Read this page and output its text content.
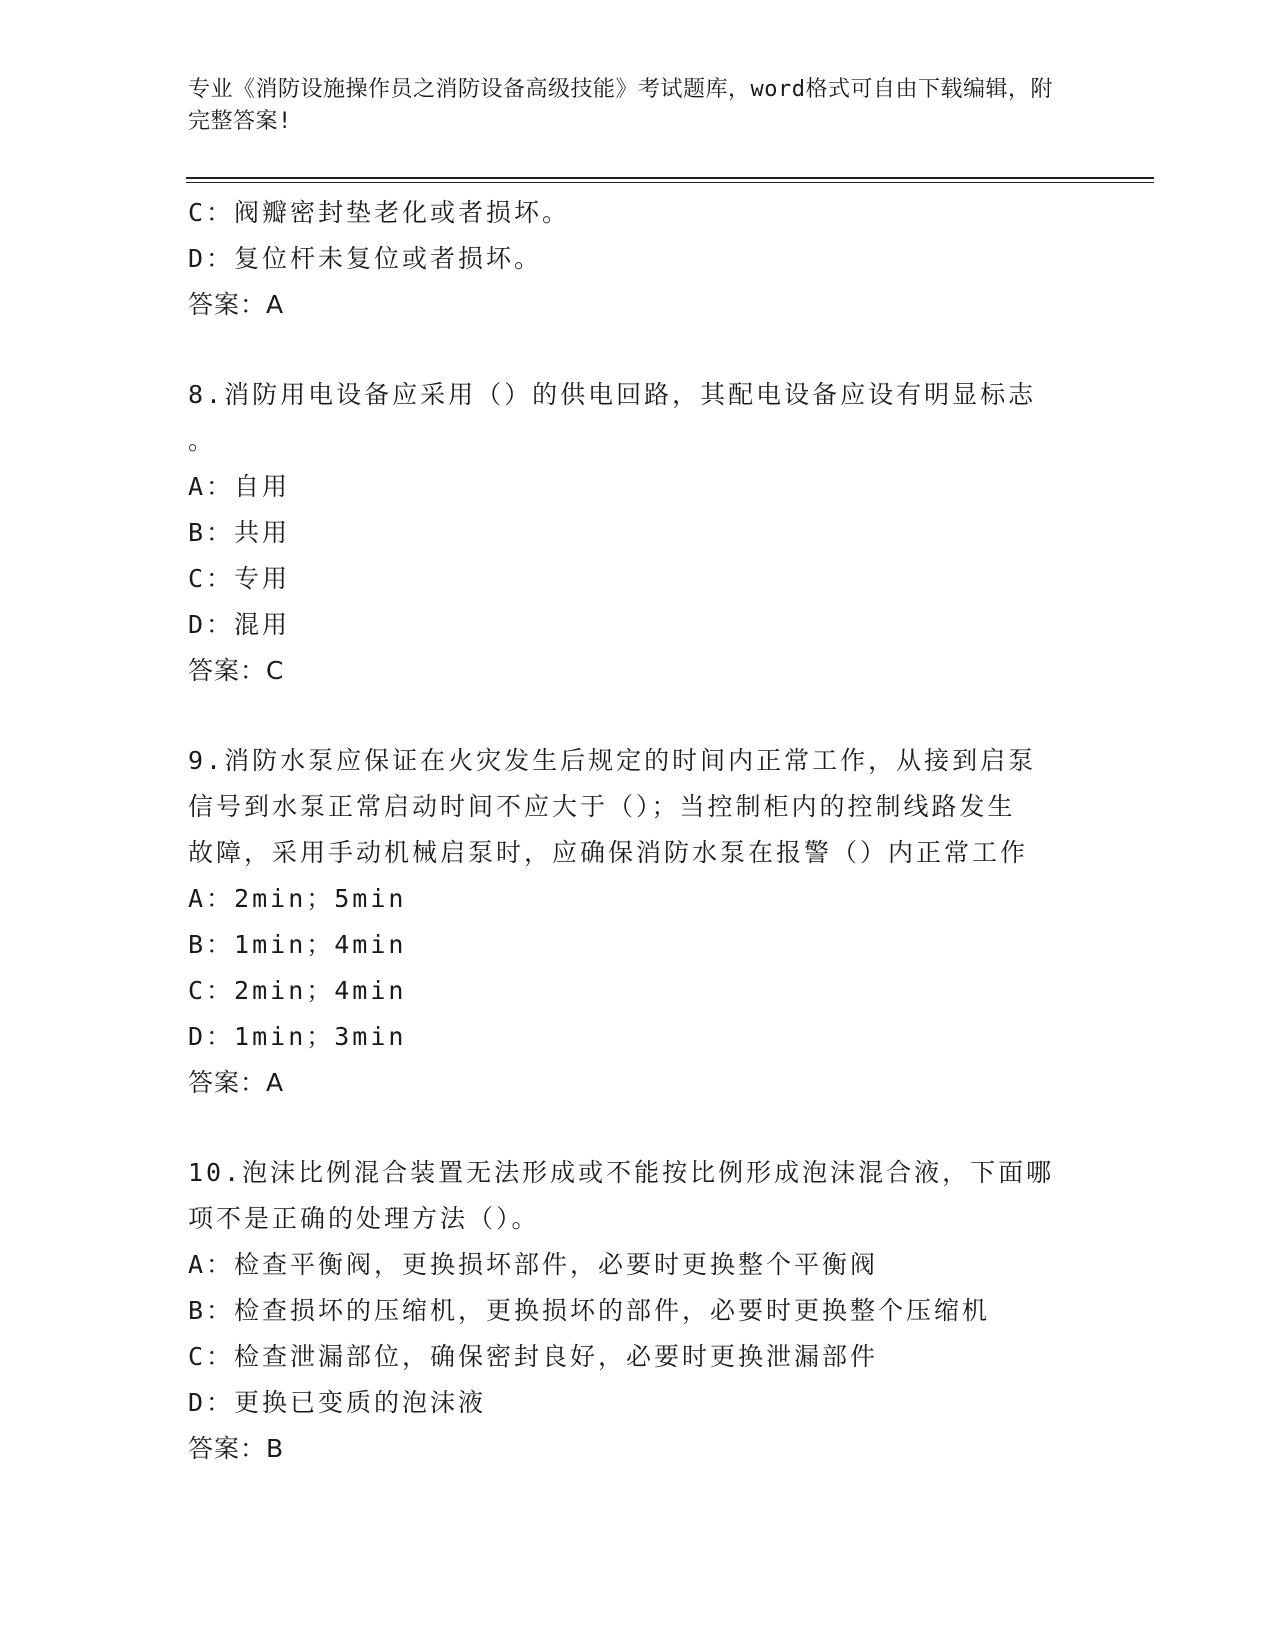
专业《消防设施操作员之消防设备高级技能》考试题库，word格式可自由下载编辑，附完整答案!
C：阀瓣密封垫老化或者损坏。
D：复位杆未复位或者损坏。
答案：A
8.消防用电设备应采用（）的供电回路，其配电设备应设有明显标志
。
A：自用
B：共用
C：专用
D：混用
答案：C
9.消防水泵应保证在火灾发生后规定的时间内正常工作，从接到启泵
信号到水泵正常启动时间不应大于（）；当控制柜内的控制线路发生
故障，采用手动机械启泵时，应确保消防水泵在报警（）内正常工作
A：2min；5min
B：1min；4min
C：2min；4min
D：1min；3min
答案：A
10.泡沫比例混合装置无法形成或不能按比例形成泡沫混合液，下面哪
项不是正确的处理方法（）。
A：检查平衡阀，更换损坏部件，必要时更换整个平衡阀
B：检查损坏的压缩机，更换损坏的部件，必要时更换整个压缩机
C：检查泄漏部位，确保密封良好，必要时更换泄漏部件
D：更换已变质的泡沫液
答案：B
